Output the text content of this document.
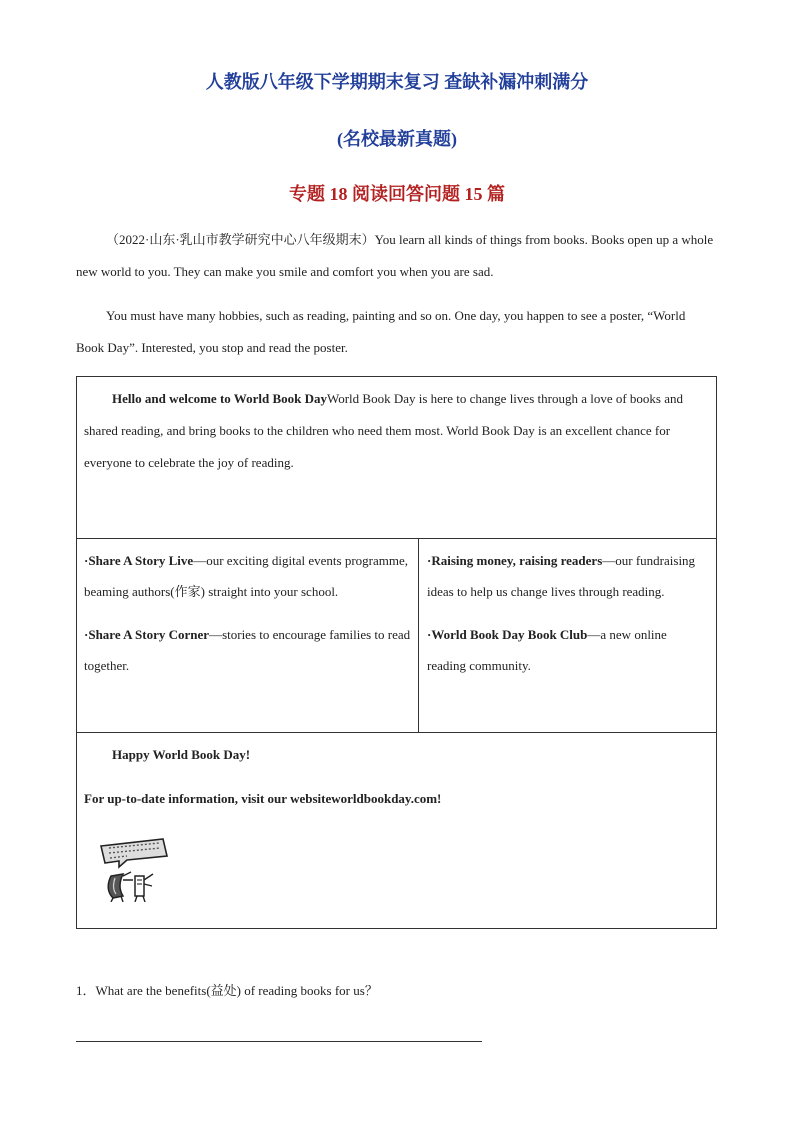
人教版八年级下学期期末复习 查缺补漏冲刺满分
(名校最新真题)
专题 18 阅读回答问题 15 篇
（2022·山东·乳山市教学研究中心八年级期末）You learn all kinds of things from books. Books open up a whole new world to you. They can make you smile and comfort you when you are sad.
You must have many hobbies, such as reading, painting and so on. One day, you happen to see a poster, “World Book Day”. Interested, you stop and read the poster.
Hello and welcome to World Book DayWorld Book Day is here to change lives through a love of books and shared reading, and bring books to the children who need them most. World Book Day is an excellent chance for everyone to celebrate the joy of reading.
·Share A Story Live—our exciting digital events programme, beaming authors(作家) straight into your school.
·Share A Story Corner—stories to encourage families to read together.
·Raising money, raising readers—our fundraising ideas to help us change lives through reading.
·World Book Day Book Club—a new online reading community.
Happy World Book Day!
For up-to-date information, visit our websiteworldbookday.com!
1．What are the benefits(益处) of reading books for us？
